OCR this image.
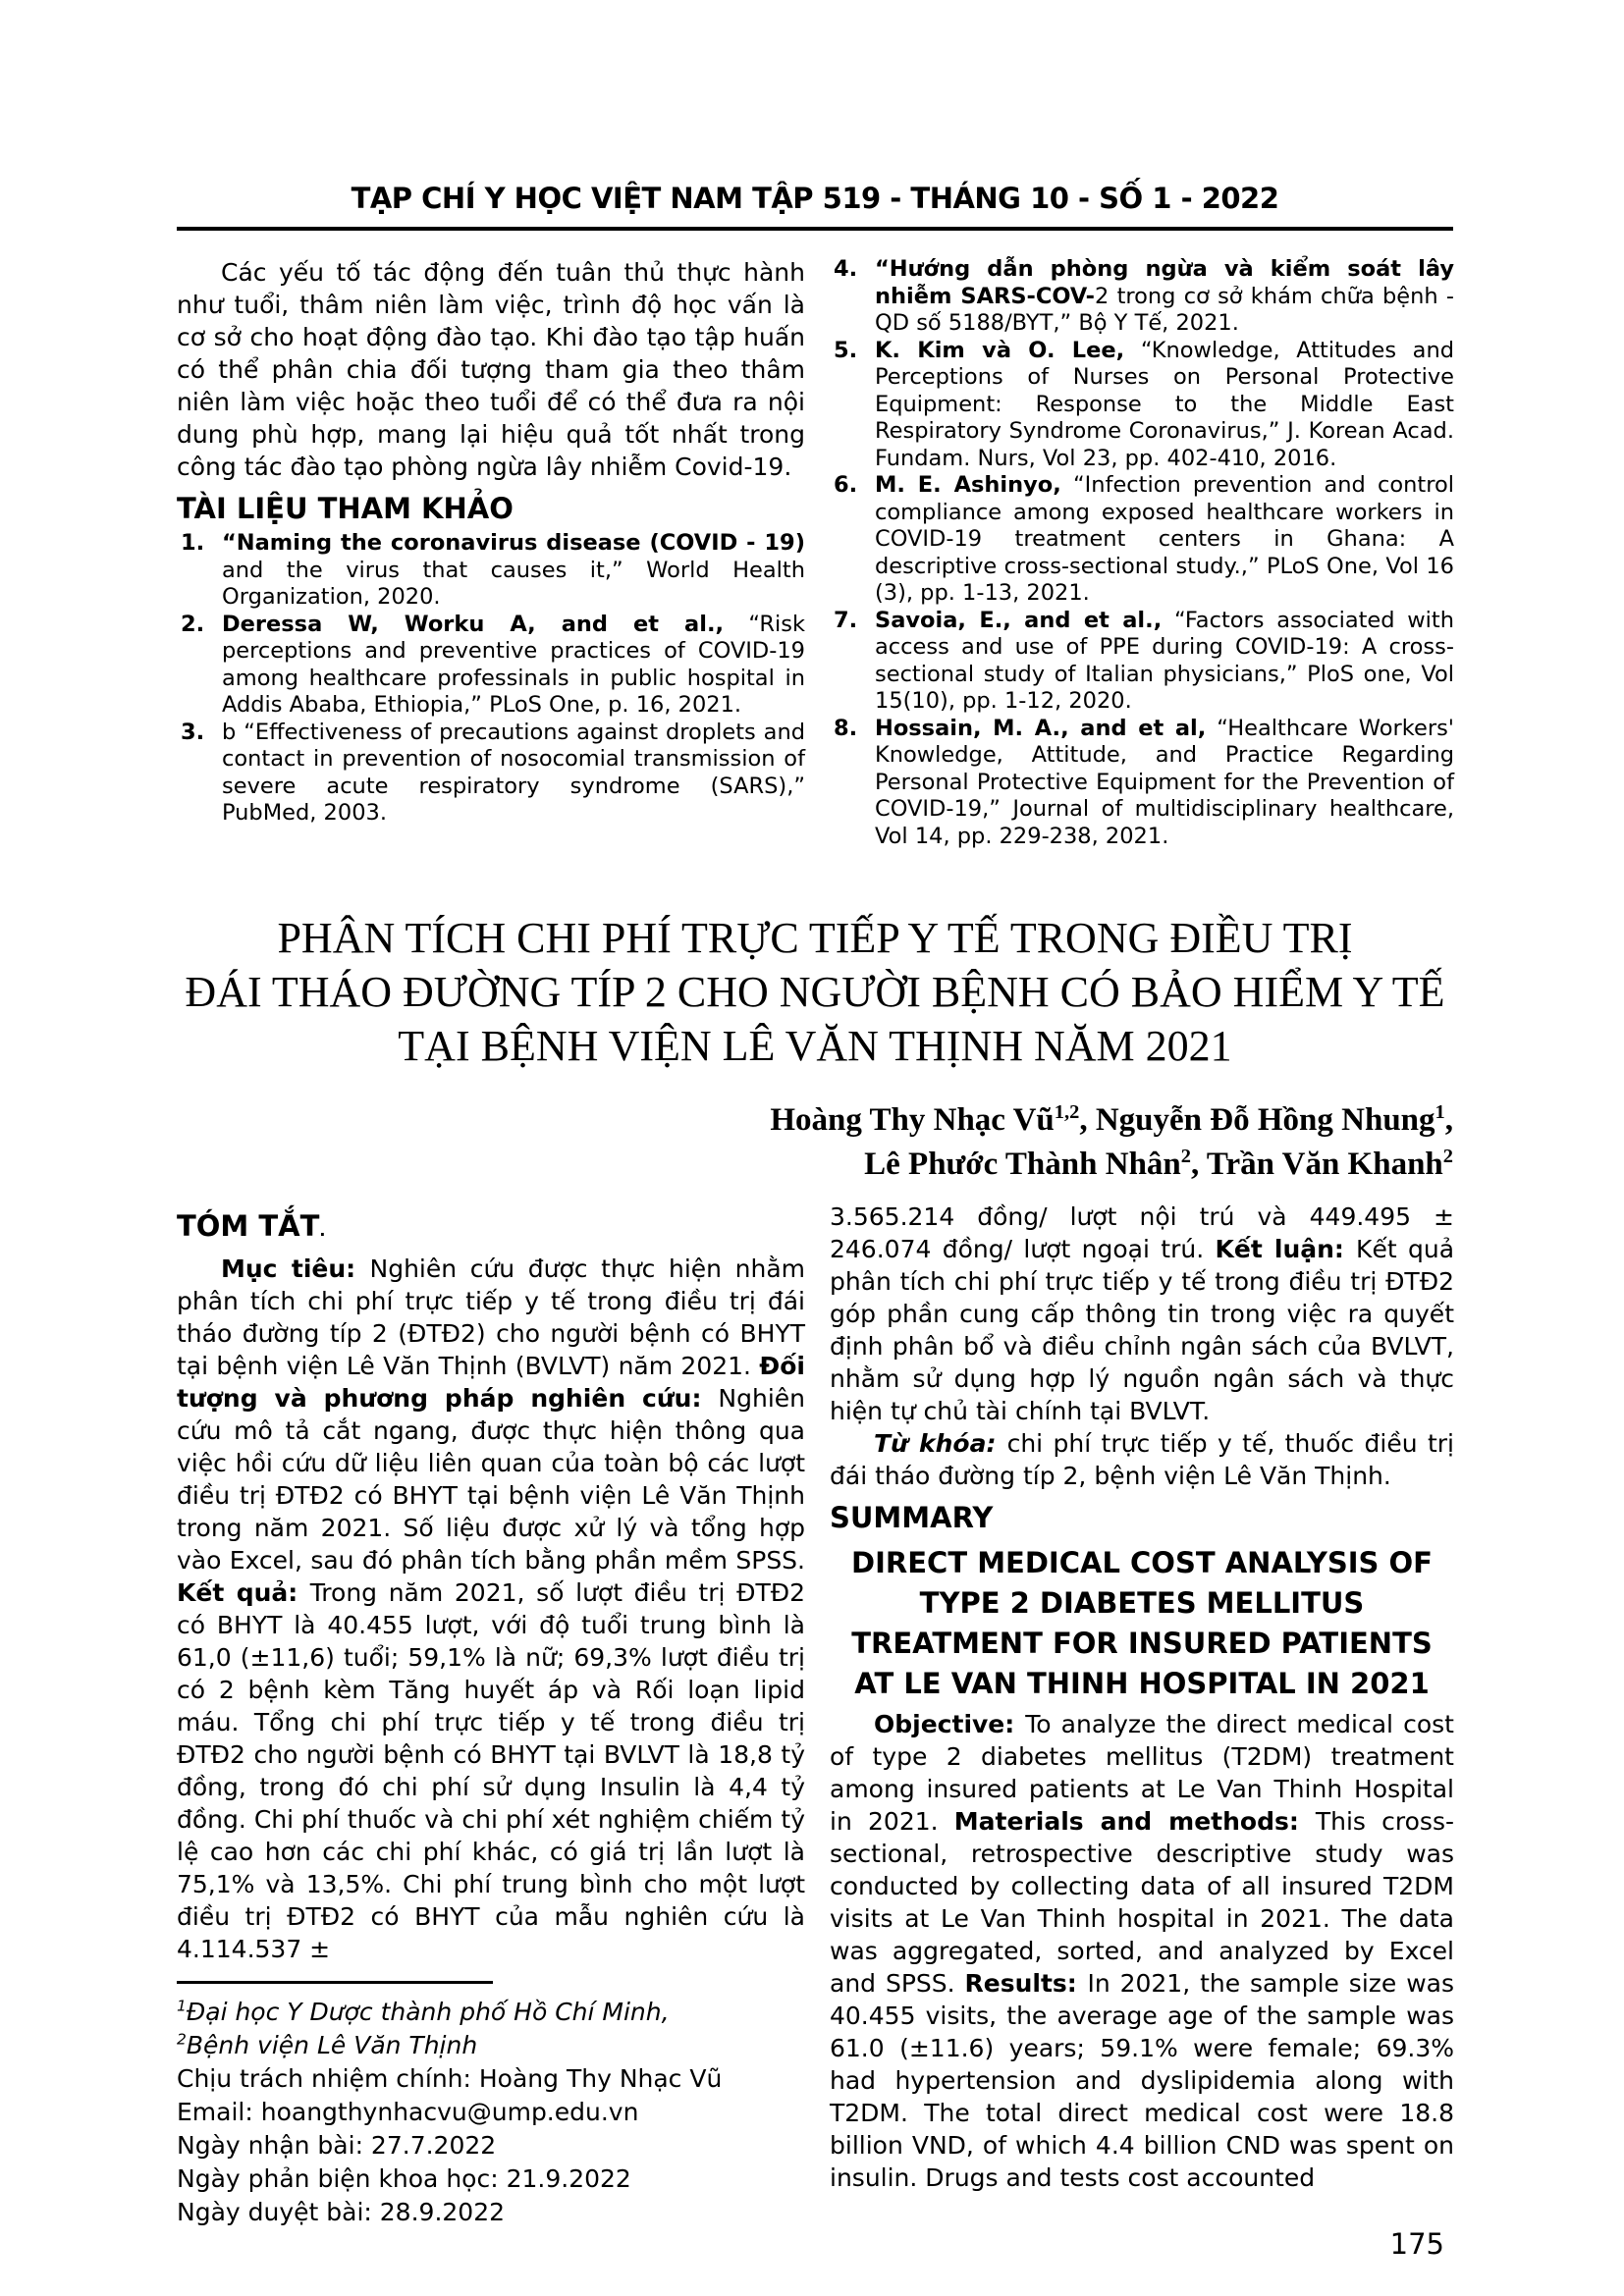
TẠP CHÍ Y HỌC VIỆT NAM TẬP 519 - THÁNG 10 - SỐ 1 - 2022

Các yếu tố tác động đến tuân thủ thực hành như tuổi, thâm niên làm việc, trình độ học vấn là cơ sở cho hoạt động đào tạo. Khi đào tạo tập huấn có thể phân chia đối tượng tham gia theo thâm niên làm việc hoặc theo tuổi để có thể đưa ra nội dung phù hợp, mang lại hiệu quả tốt nhất trong công tác đào tạo phòng ngừa lây nhiễm Covid-19.

TÀI LIỆU THAM KHẢO
1. “Naming the coronavirus disease (COVID - 19) and the virus that causes it,” World Health Organization, 2020.
2. Deressa W, Worku A, and et al., “Risk perceptions and preventive practices of COVID-19 among healthcare professinals in public hospital in Addis Ababa, Ethiopia,” PLoS One, p. 16, 2021.
3. b “Effectiveness of precautions against droplets and contact in prevention of nosocomial transmission of severe acute respiratory syndrome (SARS),” PubMed, 2003.
4. “Hướng dẫn phòng ngừa và kiểm soát lây nhiễm SARS-COV-2 trong cơ sở khám chữa bệnh - QD số 5188/BYT,” Bộ Y Tế, 2021.
5. K. Kim và O. Lee, “Knowledge, Attitudes and Perceptions of Nurses on Personal Protective Equipment: Response to the Middle East Respiratory Syndrome Coronavirus,” J. Korean Acad. Fundam. Nurs, Vol 23, pp. 402-410, 2016.
6. M. E. Ashinyo, “Infection prevention and control compliance among exposed healthcare workers in COVID-19 treatment centers in Ghana: A descriptive cross-sectional study.,” PLoS One, Vol 16 (3), pp. 1-13, 2021.
7. Savoia, E., and et al., “Factors associated with access and use of PPE during COVID-19: A cross-sectional study of Italian physicians,” PloS one, Vol 15(10), pp. 1-12, 2020.
8. Hossain, M. A., and et al, “Healthcare Workers' Knowledge, Attitude, and Practice Regarding Personal Protective Equipment for the Prevention of COVID-19,” Journal of multidisciplinary healthcare, Vol 14, pp. 229-238, 2021.
PHÂN TÍCH CHI PHÍ TRỰC TIẾP Y TẾ TRONG ĐIỀU TRỊ
ĐÁI THÁO ĐƯỜNG TÍP 2 CHO NGƯỜI BỆNH CÓ BẢO HIỂM Y TẾ
TẠI BỆNH VIỆN LÊ VĂN THỊNH NĂM 2021
Hoàng Thy Nhạc Vũ$^{1,2}$, Nguyễn Đỗ Hồng Nhung$^1$,
Lê Phước Thành Nhân$^2$, Trần Văn Khanh$^2$
TÓM TẮT.

Mục tiêu: Nghiên cứu được thực hiện nhằm phân tích chi phí trực tiếp y tế trong điều trị đái tháo đường típ 2 (ĐTĐ2) cho người bệnh có BHYT tại bệnh viện Lê Văn Thịnh (BVLVT) năm 2021. Đối tượng và phương pháp nghiên cứu: Nghiên cứu mô tả cắt ngang, được thực hiện thông qua việc hồi cứu dữ liệu liên quan của toàn bộ các lượt điều trị ĐTĐ2 có BHYT tại bệnh viện Lê Văn Thịnh trong năm 2021. Số liệu được xử lý và tổng hợp vào Excel, sau đó phân tích bằng phần mềm SPSS. Kết quả: Trong năm 2021, số lượt điều trị ĐTĐ2 có BHYT là 40.455 lượt, với độ tuổi trung bình là 61,0 (±11,6) tuổi; 59,1% là nữ; 69,3% lượt điều trị có 2 bệnh kèm Tăng huyết áp và Rối loạn lipid máu. Tổng chi phí trực tiếp y tế trong điều trị ĐTĐ2 cho người bệnh có BHYT tại BVLVT là 18,8 tỷ đồng, trong đó chi phí sử dụng Insulin là 4,4 tỷ đồng. Chi phí thuốc và chi phí xét nghiệm chiếm tỷ lệ cao hơn các chi phí khác, có giá trị lần lượt là 75,1% và 13,5%. Chi phí trung bình cho một lượt điều trị ĐTĐ2 có BHYT của mẫu nghiên cứu là 4.114.537 ±

$^1$Đại học Y Dược thành phố Hồ Chí Minh,

$^2$Bệnh viện Lê Văn Thịnh

Chịu trách nhiệm chính: Hoàng Thy Nhạc Vũ

Email: hoangthynhacvu@ump.edu.vn

Ngày nhận bài: 27.7.2022

Ngày phản biện khoa học: 21.9.2022

Ngày duyệt bài: 28.9.2022

3.565.214 đồng/ lượt nội trú và 449.495 ± 246.074 đồng/ lượt ngoại trú. Kết luận: Kết quả phân tích chi phí trực tiếp y tế trong điều trị ĐTĐ2 góp phần cung cấp thông tin trong việc ra quyết định phân bổ và điều chỉnh ngân sách của BVLVT, nhằm sử dụng hợp lý nguồn ngân sách và thực hiện tự chủ tài chính tại BVLVT.

Từ khóa: chi phí trực tiếp y tế, thuốc điều trị đái tháo đường típ 2, bệnh viện Lê Văn Thịnh.

SUMMARY
DIRECT MEDICAL COST ANALYSIS OF TYPE 2 DIABETES MELLITUS TREATMENT FOR INSURED PATIENTS AT LE VAN THINH HOSPITAL IN 2021

Objective: To analyze the direct medical cost of type 2 diabetes mellitus (T2DM) treatment among insured patients at Le Van Thinh Hospital in 2021. Materials and methods: This cross-sectional, retrospective descriptive study was conducted by collecting data of all insured T2DM visits at Le Van Thinh hospital in 2021. The data was aggregated, sorted, and analyzed by Excel and SPSS. Results: In 2021, the sample size was 40.455 visits, the average age of the sample was 61.0 (±11.6) years; 59.1% were female; 69.3% had hypertension and dyslipidemia along with T2DM. The total direct medical cost were 18.8 billion VND, of which 4.4 billion CND was spent on insulin. Drugs and tests cost accounted

175
